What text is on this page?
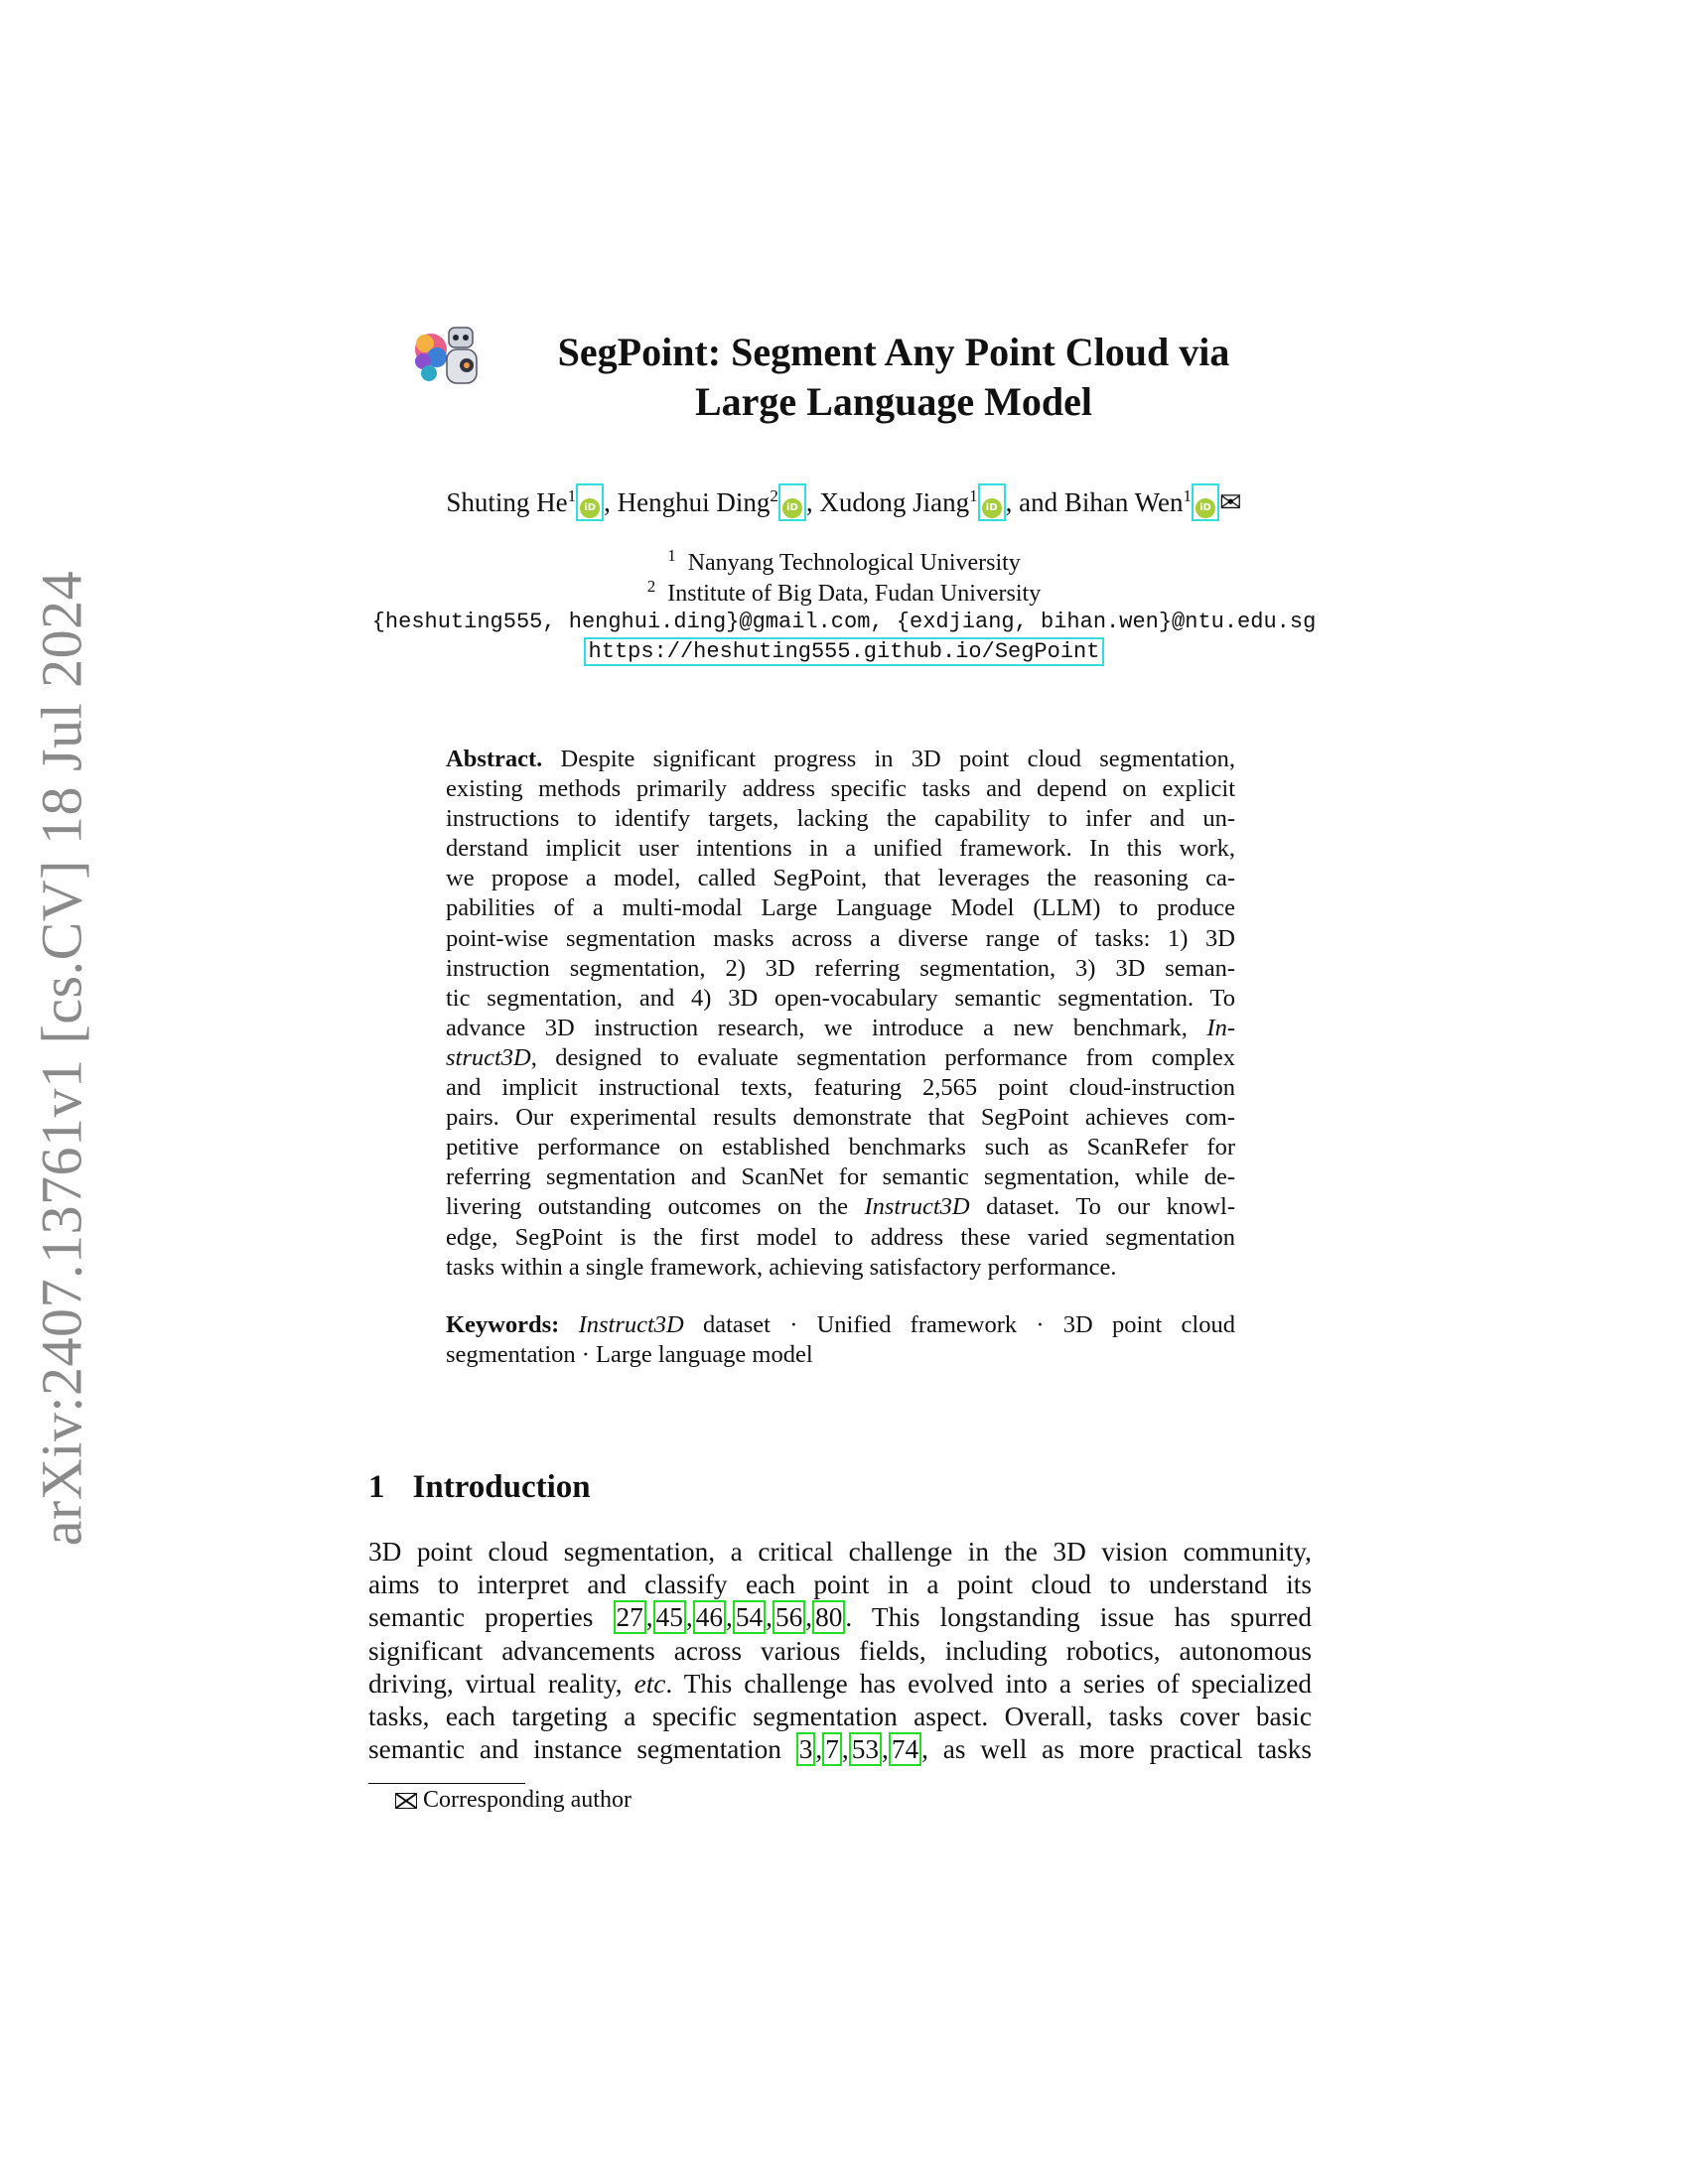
arXiv:2407.13761v1 [cs.CV] 18 Jul 2024
SegPoint: Segment Any Point Cloud via
Large Language Model
Shuting He$^1$iD , Henghui Ding$^2$iD , Xudong Jiang$^1$iD , and Bihan Wen$^1$iD ✉
$^1$ Nanyang Technological University
$^2$ Institute of Big Data, Fudan University
{heshuting555, henghui.ding}@gmail.com, {exdjiang, bihan.wen}@ntu.edu.sg
https://heshuting555.github.io/SegPoint
Abstract. Despite significant progress in 3D point cloud segmentation,
existing methods primarily address specific tasks and depend on explicit
instructions to identify targets, lacking the capability to infer and un-
derstand implicit user intentions in a unified framework. In this work,
we propose a model, called SegPoint, that leverages the reasoning ca-
pabilities of a multi-modal Large Language Model (LLM) to produce
point-wise segmentation masks across a diverse range of tasks: 1) 3D
instruction segmentation, 2) 3D referring segmentation, 3) 3D seman-
tic segmentation, and 4) 3D open-vocabulary semantic segmentation. To
advance 3D instruction research, we introduce a new benchmark, In-
struct3D, designed to evaluate segmentation performance from complex
and implicit instructional texts, featuring 2,565 point cloud-instruction
pairs. Our experimental results demonstrate that SegPoint achieves com-
petitive performance on established benchmarks such as ScanRefer for
referring segmentation and ScanNet for semantic segmentation, while de-
livering outstanding outcomes on the Instruct3D dataset. To our knowl-
edge, SegPoint is the first model to address these varied segmentation
tasks within a single framework, achieving satisfactory performance.
Keywords: Instruct3D dataset · Unified framework · 3D point cloud
segmentation · Large language model
1 Introduction
3D point cloud segmentation, a critical challenge in the 3D vision community,
aims to interpret and classify each point in a point cloud to understand its
semantic properties 27 , 45 , 46 , 54 , 56 , 80 . This longstanding issue has spurred
significant advancements across various fields, including robotics, autonomous
driving, virtual reality, etc. This challenge has evolved into a series of specialized
tasks, each targeting a specific segmentation aspect. Overall, tasks cover basic
semantic and instance segmentation 3 , 7 , 53 , 74 , as well as more practical tasks
Corresponding author
